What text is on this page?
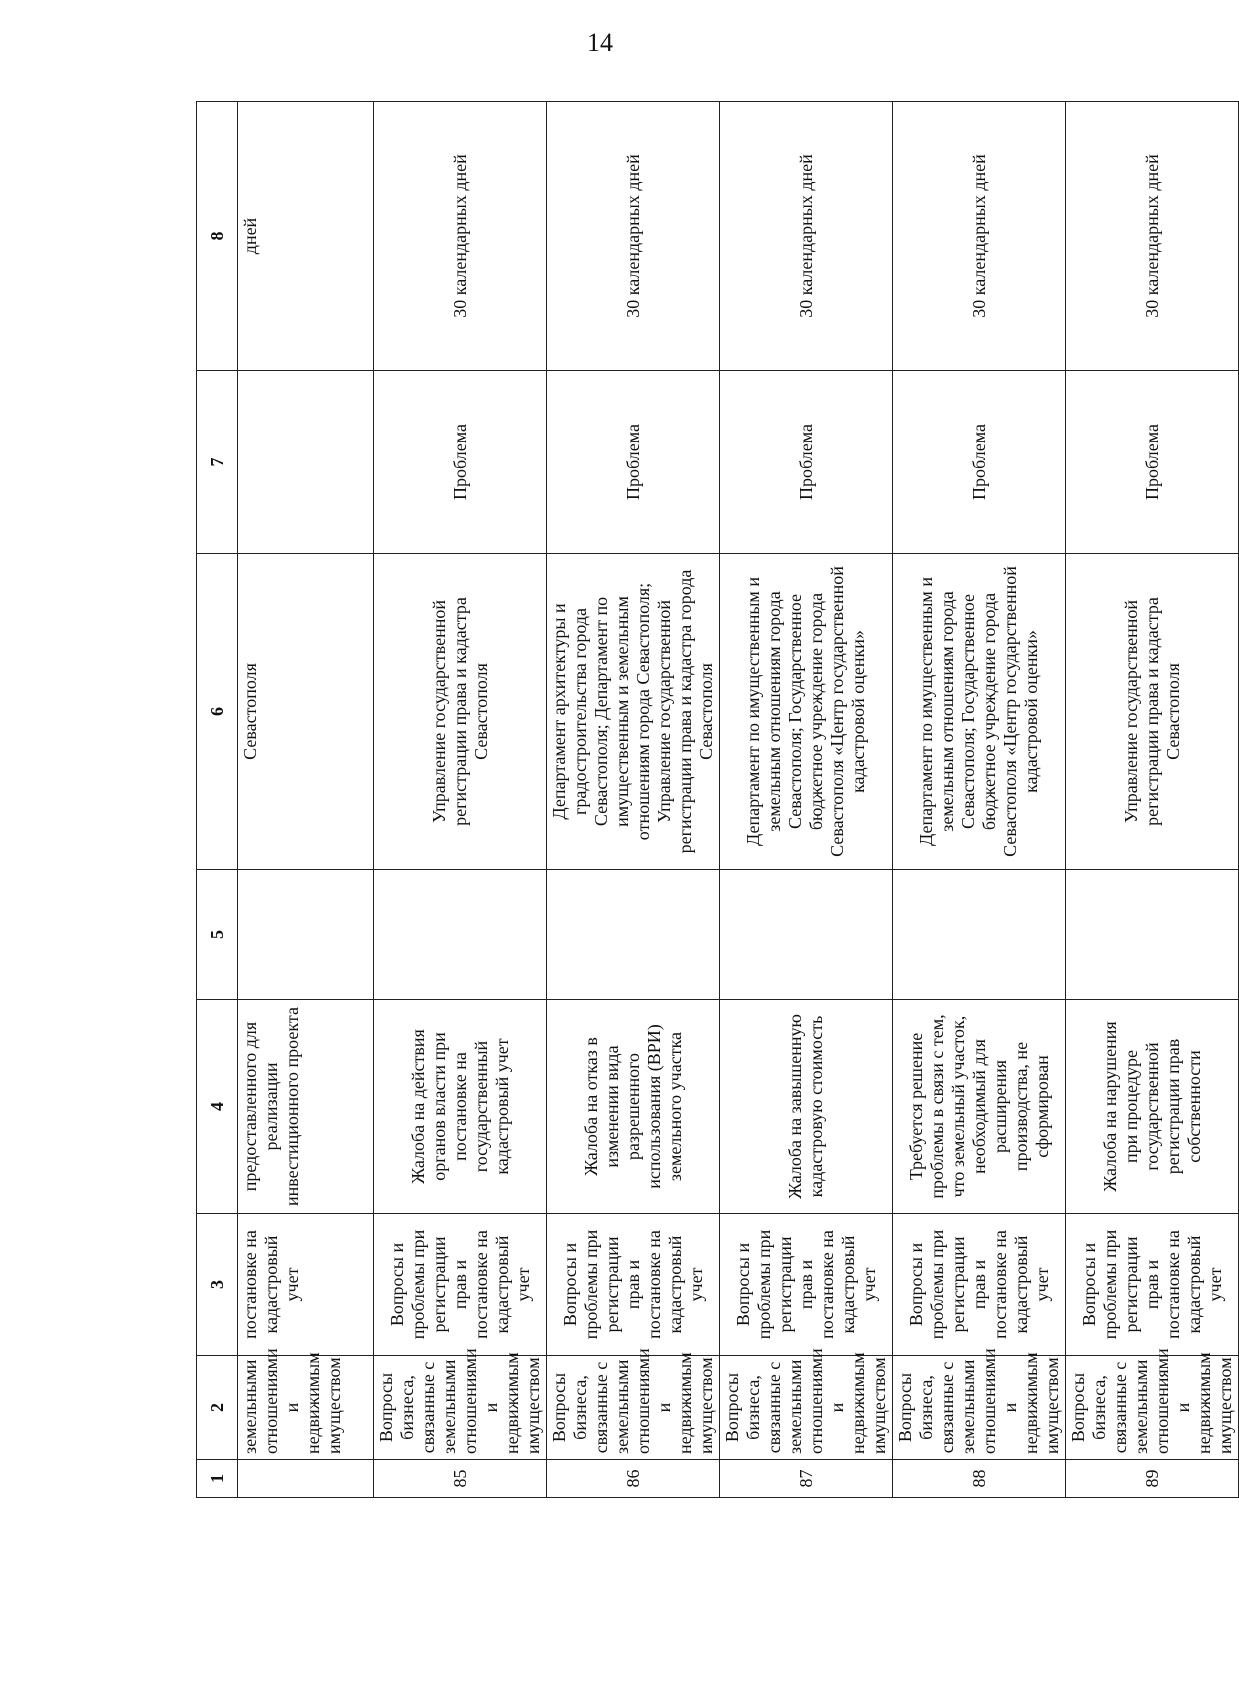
14
1	2	3	4	5	6	7	8
	земельными отношениями и недвижимым имуществом	постановке на кадастровый учет	предоставленного для реализации инвестиционного проекта		Севастополя		дней
85	Вопросы бизнеса, связанные с земельными отношениями и недвижимым имуществом	Вопросы и проблемы при регистрации прав и постановке на кадастровый учет	Жалоба на действия органов власти при постановке на государственный кадастровый учет		Управление государственной регистрации права и кадастра Севастополя	Проблема	30 календарных дней
86	Вопросы бизнеса, связанные с земельными отношениями и недвижимым имуществом	Вопросы и проблемы при регистрации прав и постановке на кадастровый учет	Жалоба на отказ в изменении вида разрешенного использования (ВРИ) земельного участка		Департамент архитектуры и градостроительства города Севастополя; Департамент по имущественным и земельным отношениям города Севастополя; Управление государственной регистрации права и кадастра города Севастополя	Проблема	30 календарных дней
87	Вопросы бизнеса, связанные с земельными отношениями и недвижимым имуществом	Вопросы и проблемы при регистрации прав и постановке на кадастровый учет	Жалоба на завышенную кадастровую стоимость		Департамент по имущественным и земельным отношениям города Севастополя; Государственное бюджетное учреждение города Севастополя «Центр государственной кадастровой оценки»	Проблема	30 календарных дней
88	Вопросы бизнеса, связанные с земельными отношениями и недвижимым имуществом	Вопросы и проблемы при регистрации прав и постановке на кадастровый учет	Требуется решение проблемы в связи с тем, что земельный участок, необходимый для расширения производства, не сформирован		Департамент по имущественным и земельным отношениям города Севастополя; Государственное бюджетное учреждение города Севастополя «Центр государственной кадастровой оценки»	Проблема	30 календарных дней
89	Вопросы бизнеса, связанные с земельными отношениями и недвижимым имуществом	Вопросы и проблемы при регистрации прав и постановке на кадастровый учет	Жалоба на нарушения при процедуре государственной регистрации прав собственности		Управление государственной регистрации права и кадастра Севастополя	Проблема	30 календарных дней
